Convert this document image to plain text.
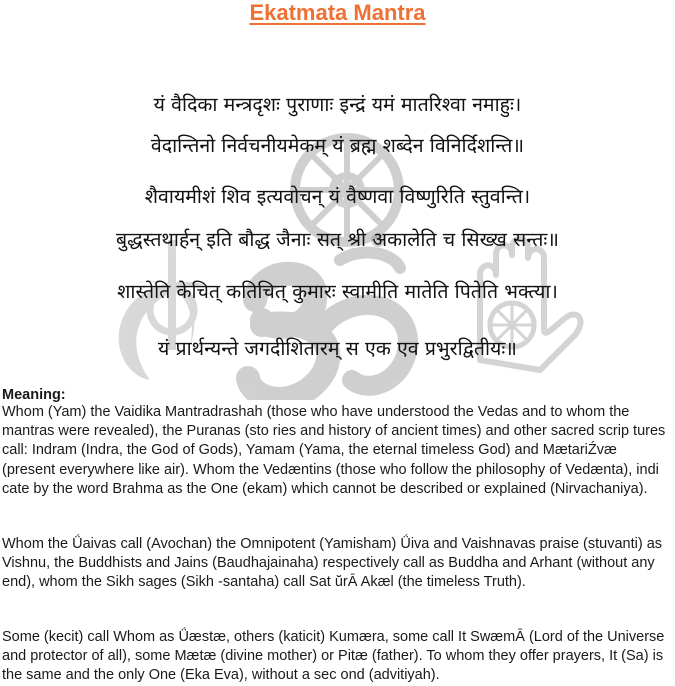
Ekatmata Mantra
यं वैदिका मन्त्रदृशः पुराणाः इन्द्रं यमं मातरिश्वा नमाहुः।
वेदान्तिनो निर्वचनीयमेकम् यं ब्रह्म शब्देन विनिर्दिशन्ति॥
शैवायमीशं शिव इत्यवोचन् यं वैष्णवा विष्णुरिति स्तुवन्ति।
बुद्धस्तथार्हन् इति बौद्ध जैनाः सत् श्री अकालेति च सिख्ख सन्तः॥
शास्तेति केचित् कतिचित् कुमारः स्वामीति मातेति पितेति भक्त्या।
यं प्रार्थन्यन्ते जगदीशितारम् स एक एव प्रभुरद्वितीयः॥
Meaning:
Whom (Yam) the Vaidika Mantradrashah (those who have understood the Vedas and to whom the mantras were revealed), the Puranas (sto ries and history of ancient times) and other sacred scrip tures call: Indram (Indra, the God of Gods), Yamam (Yama, the eternal timeless God) and MætariŹvæ (present everywhere like air). Whom the Vedæntins (those who follow the philosophy of Vedænta), indi cate by the word Brahma as the One (ekam) which cannot be described or explained (Nirvachaniya).
Whom the Ǘaivas call (Avochan) the Omnipotent (Yamisham) Ǘiva and Vaishnavas praise (stuvanti) as Vishnu, the Buddhists and Jains (Baudhajainaha) respectively call as Buddha and Arhant (without any end), whom the Sikh sages (Sikh -santaha) call Sat ŭrĀ Akæl (the timeless Truth).
Some (kecit) call Whom as Ǘæstæ, others (katicit) Kumæra, some call It SwæmĀ (Lord of the Universe and protector of all), some Mætæ (divine mother) or Pitæ (father). To whom they offer prayers, It (Sa) is the same and the only One (Eka Eva), without a sec ond (advitiyah).
